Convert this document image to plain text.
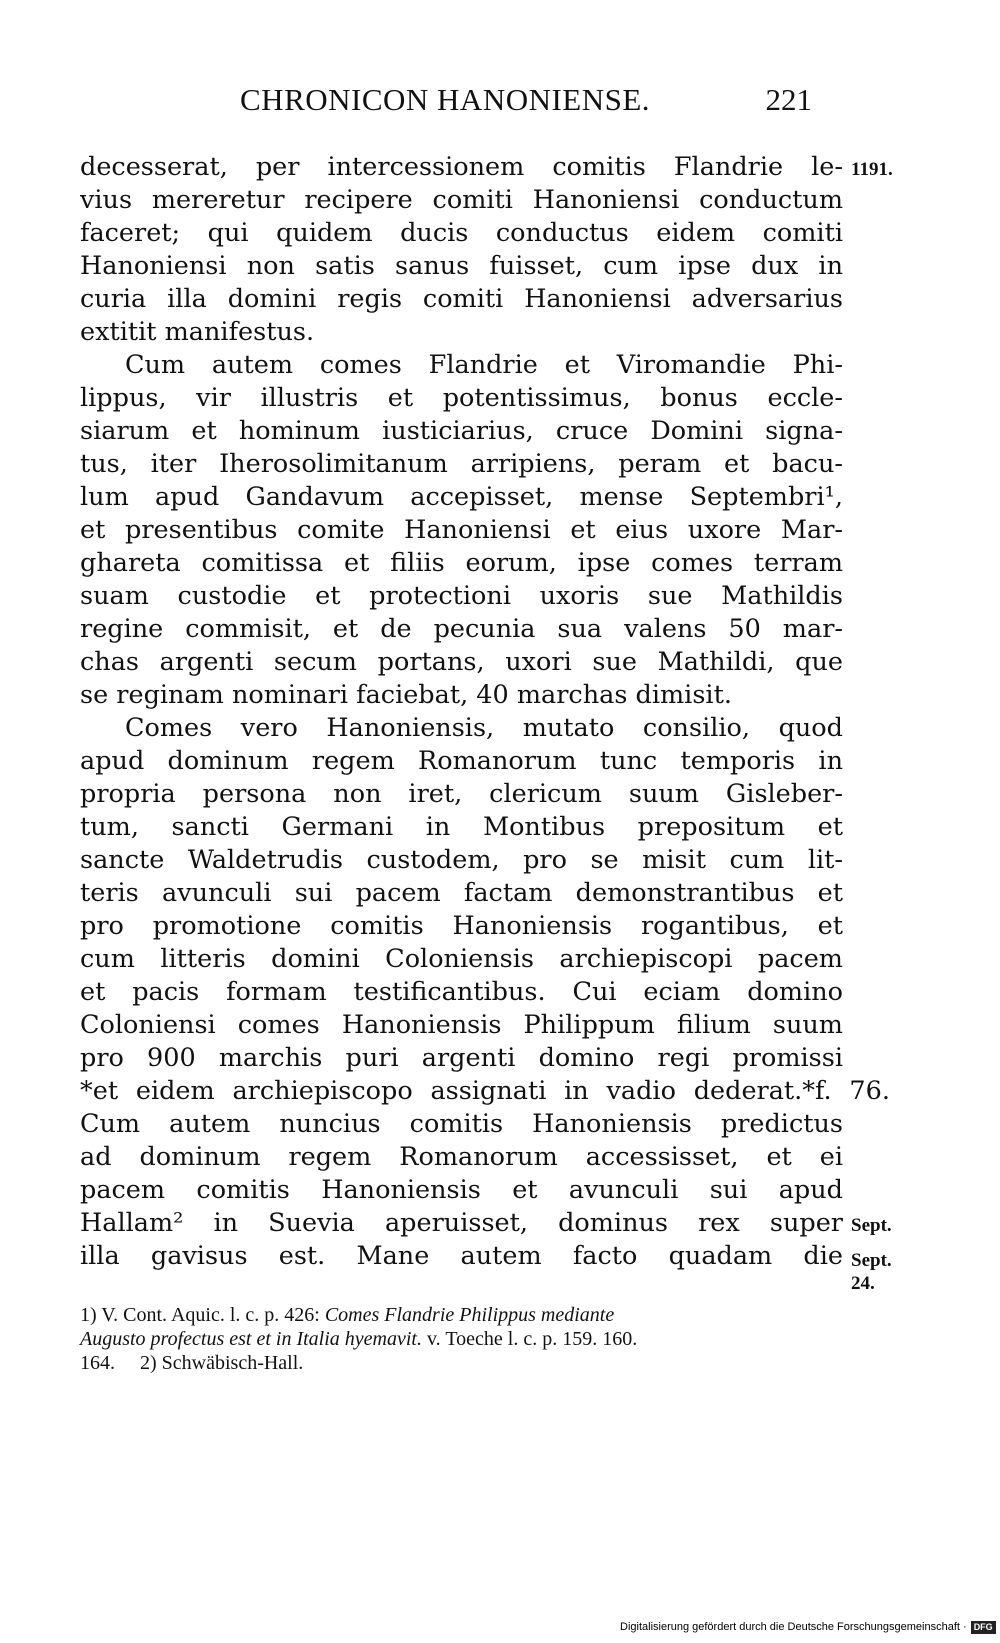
CHRONICON HANONIENSE.	221
decesserat, per intercessionem comitis Flandrie le-
vius mereretur recipere comiti Hanoniensi conductum
faceret; qui quidem ducis conductus eidem comiti
Hanoniensi non satis sanus fuisset, cum ipse dux in
curia illa domini regis comiti Hanoniensi adversarius
extitit manifestus.
Cum autem comes Flandrie et Viromandie Phi-
lippus, vir illustris et potentissimus, bonus eccle-
siarum et hominum iusticiarius, cruce Domini signa-
tus, iter Iherosolimitanum arripiens, peram et bacu-
lum apud Gandavum accepisset, mense Septembri¹,
et presentibus comite Hanoniensi et eius uxore Mar-
ghareta comitissa et filiis eorum, ipse comes terram
suam custodie et protectioni uxoris sue Mathildis
regine commisit, et de pecunia sua valens 50 mar-
chas argenti secum portans, uxori sue Mathildi, que
se reginam nominari faciebat, 40 marchas dimisit.
Comes vero Hanoniensis, mutato consilio, quod
apud dominum regem Romanorum tunc temporis in
propria persona non iret, clericum suum Gisleber-
tum, sancti Germani in Montibus prepositum et
sancte Waldetrudis custodem, pro se misit cum lit-
teris avunculi sui pacem factam demonstrantibus et
pro promotione comitis Hanoniensis rogantibus, et
cum litteris domini Coloniensis archiepiscopi pacem
et pacis formam testificantibus. Cui eciam domino
Coloniensi comes Hanoniensis Philippum filium suum
pro 900 marchis puri argenti domino regi promissi
*et eidem archiepiscopo assignati in vadio dederat.*f. 76.
Cum autem nuncius comitis Hanoniensis predictus
ad dominum regem Romanorum accessisset, et ei
pacem comitis Hanoniensis et avunculi sui apud
Hallam² in Suevia aperuisset, dominus rex super
illa gavisus est. Mane autem facto quadam die
1191.
Sept.
Sept.
24.
1) V. Cont. Aquic. l. c. p. 426: Comes Flandrie Philippus mediante
Augusto profectus est et in Italia hyemavit. v. Toeche l. c. p. 159. 160.
164.     2) Schwäbisch-Hall.
Digitalisierung gefördert durch die Deutsche Forschungsgemeinschaft · DFG
